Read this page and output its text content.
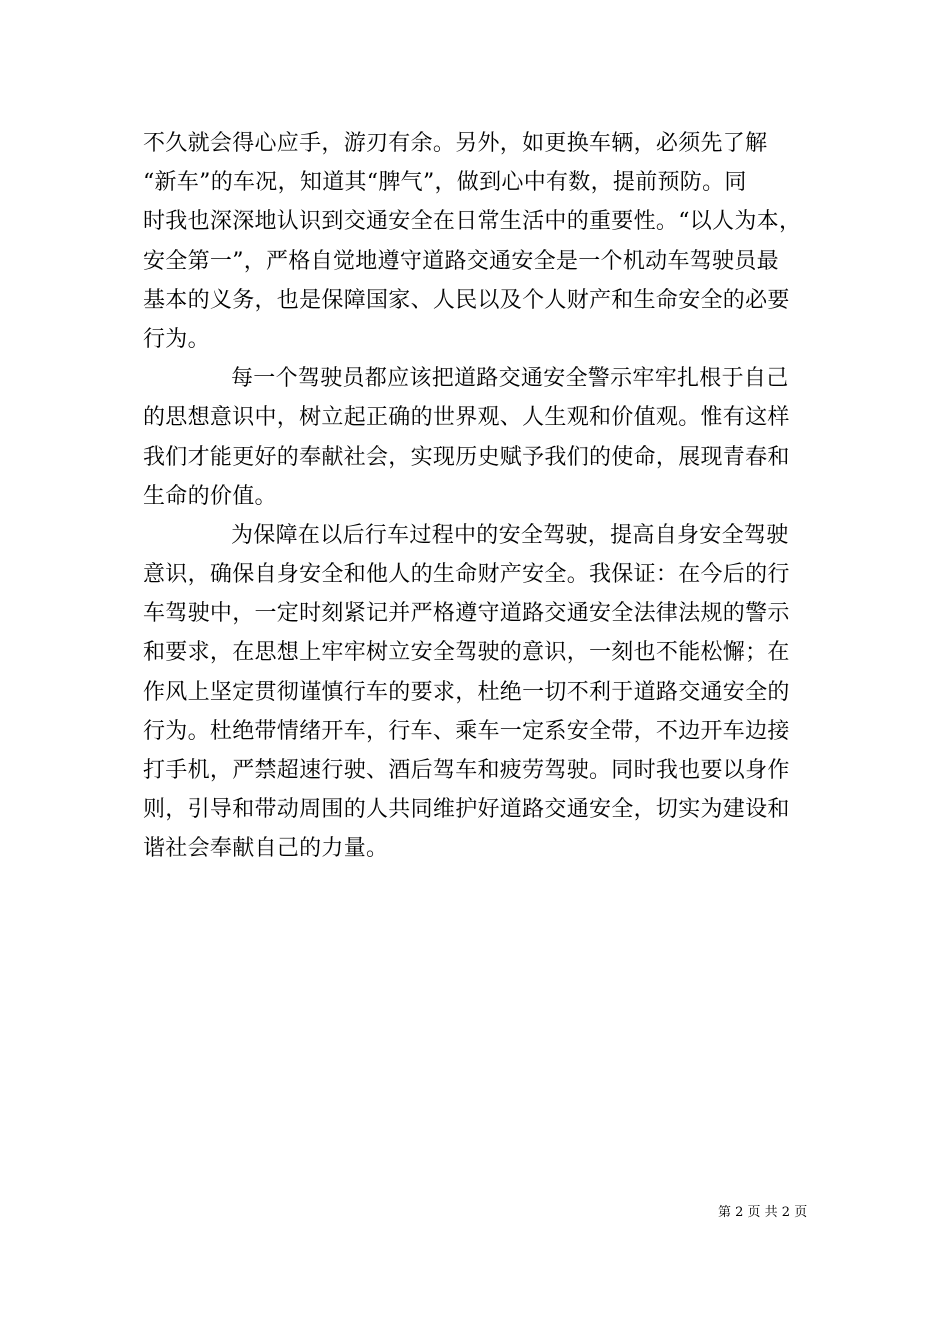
不久就会得心应手，游刃有余。另外，如更换车辆，必须先了解
“新车”的车况，知道其“脾气”，做到心中有数，提前预防。同
时我也深深地认识到交通安全在日常生活中的重要性。“以人为本，
安全第一”，严格自觉地遵守道路交通安全是一个机动车驾驶员最
基本的义务，也是保障国家、人民以及个人财产和生命安全的必要
行为。
每一个驾驶员都应该把道路交通安全警示牢牢扎根于自己
的思想意识中，树立起正确的世界观、人生观和价值观。惟有这样
我们才能更好的奉献社会，实现历史赋予我们的使命，展现青春和
生命的价值。
为保障在以后行车过程中的安全驾驶，提高自身安全驾驶
意识，确保自身安全和他人的生命财产安全。我保证：在今后的行
车驾驶中，一定时刻紧记并严格遵守道路交通安全法律法规的警示
和要求，在思想上牢牢树立安全驾驶的意识，一刻也不能松懈；在
作风上坚定贯彻谨慎行车的要求，杜绝一切不利于道路交通安全的
行为。杜绝带情绪开车，行车、乘车一定系安全带，不边开车边接
打手机，严禁超速行驶、酒后驾车和疲劳驾驶。同时我也要以身作
则，引导和带动周围的人共同维护好道路交通安全，切实为建设和
谐社会奉献自己的力量。
第 2 页 共 2 页
